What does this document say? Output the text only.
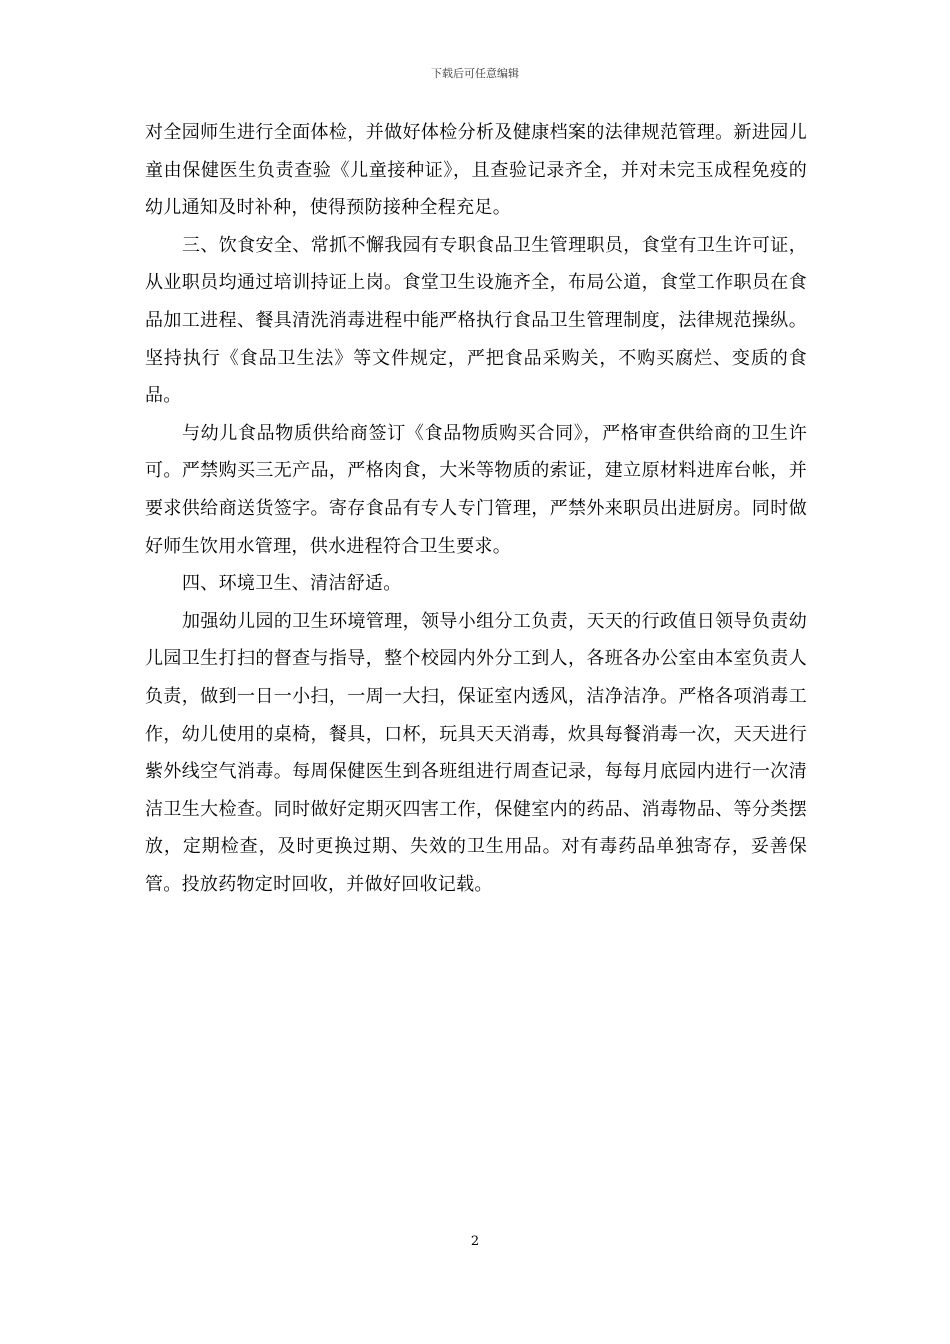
下载后可任意编辑

对全园师生进行全面体检，并做好体检分析及健康档案的法律规范管理。新进园儿童由保健医生负责查验《儿童接种证》，且查验记录齐全，并对未完玉成程免疫的幼儿通知及时补种，使得预防接种全程充足。

三、饮食安全、常抓不懈我园有专职食品卫生管理职员，食堂有卫生许可证，从业职员均通过培训持证上岗。食堂卫生设施齐全，布局公道，食堂工作职员在食品加工进程、餐具清洗消毒进程中能严格执行食品卫生管理制度，法律规范操纵。坚持执行《食品卫生法》等文件规定，严把食品采购关，不购买腐烂、变质的食品。

与幼儿食品物质供给商签订《食品物质购买合同》，严格审查供给商的卫生许可。严禁购买三无产品，严格肉食，大米等物质的索证，建立原材料进库台帐，并要求供给商送货签字。寄存食品有专人专门管理，严禁外来职员出进厨房。同时做好师生饮用水管理，供水进程符合卫生要求。

四、环境卫生、清洁舒适。

加强幼儿园的卫生环境管理，领导小组分工负责，天天的行政值日领导负责幼儿园卫生打扫的督查与指导，整个校园内外分工到人，各班各办公室由本室负责人负责，做到一日一小扫，一周一大扫，保证室内透风，洁净洁净。严格各项消毒工作，幼儿使用的桌椅，餐具，口杯，玩具天天消毒，炊具每餐消毒一次，天天进行紫外线空气消毒。每周保健医生到各班组进行周查记录，每每月底园内进行一次清洁卫生大检查。同时做好定期灭四害工作，保健室内的药品、消毒物品、等分类摆放，定期检查，及时更换过期、失效的卫生用品。对有毒药品单独寄存，妥善保管。投放药物定时回收，并做好回收记载。

2
